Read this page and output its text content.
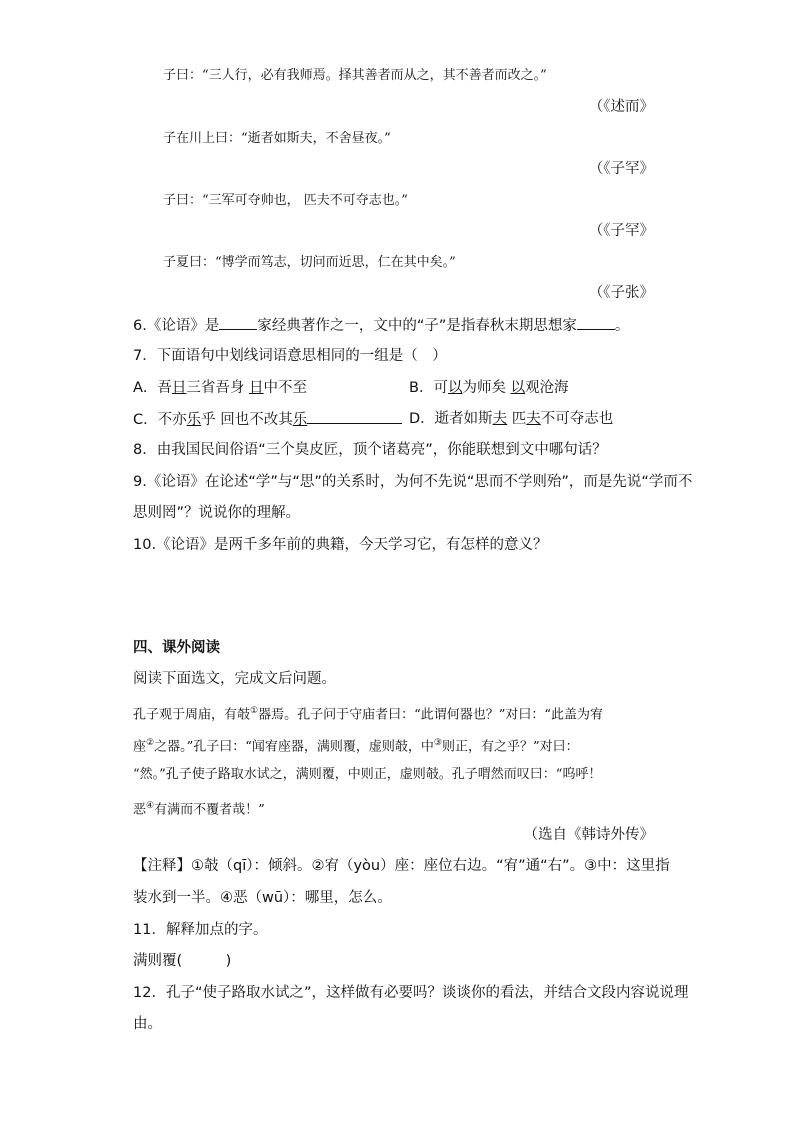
子曰：“三人行，必有我师焉。择其善者而从之，其不善者而改之。”
（《述而》
子在川上曰：“逝者如斯夫，不舍昼夜。”
（《子罕》
子曰：“三军可夺帅也， 匹夫不可夺志也。”
（《子罕》
子夏曰：“博学而笃志，切问而近思，仁在其中矣。”
（《子张》
6.《论语》是	家经典著作之一，文中的“子”是指春秋末期思想家	。
7．下面语句中划线词语意思相同的一组是（　）
A．吾日三省吾身 日中不至	B．可以为师矣 以观沧海
C．不亦乐乎 回也不改其乐	D．逝者如斯夫 匹夫不可夺志也
8．由我国民间俗语“三个臭皮匠，顶个诸葛亮”，你能联想到文中哪句话？
9.《论语》在论述“学”与“思”的关系时，为何不先说“思而不学则殆”，而是先说“学而不
思则罔”？说说你的理解。
10.《论语》是两千多年前的典籍，今天学习它，有怎样的意义？
四、课外阅读
阅读下面选文，完成文后问题。
孔子观于周庙，有攲①器焉。孔子问于守庙者曰：“此谓何器也？”对曰：“此盖为宥
座②之器。”孔子曰：“闻宥座器，满则覆，虚则攲，中③则正，有之乎？”对曰：
“然。”孔子使子路取水试之，满则覆，中则正，虚则攲。孔子喟然而叹曰：“呜呼！
恶④有满而不覆者哉！”
（选自《韩诗外传》
【注释】①攲（qī）：倾斜。②宥（yòu）座：座位右边。“宥”通“右”。③中：这里指
装水到一半。④恶（wū）：哪里，怎么。
11．解释加点的字。
满则覆(　　　)
12．孔子“使子路取水试之”，这样做有必要吗？谈谈你的看法，并结合文段内容说说理
由。
